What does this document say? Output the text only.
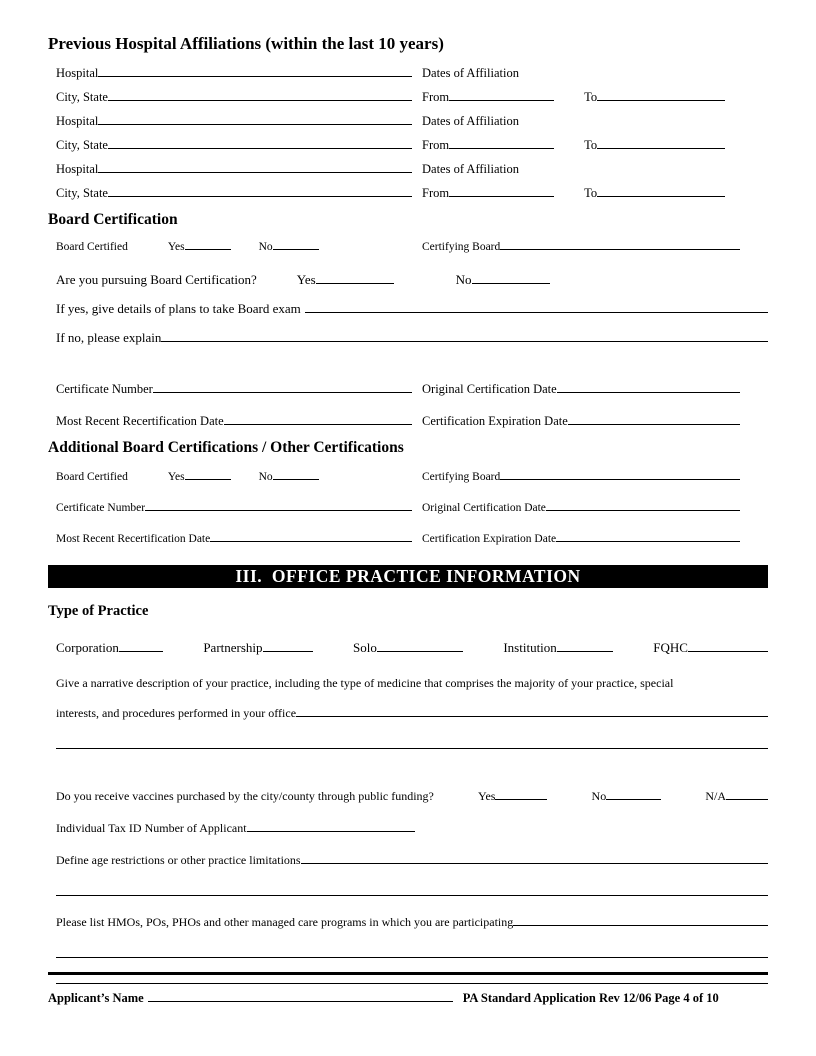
Previous Hospital Affiliations (within the last 10 years)
Hospital	Dates of Affiliation
City, State	From	To
Hospital	Dates of Affiliation
City, State	From	To
Hospital	Dates of Affiliation
City, State	From	To
Board Certification
Board Certified	Yes	No	Certifying Board
Are you pursuing Board Certification?	Yes	No
If yes, give details of plans to take Board exam
If no, please explain
Certificate Number	Original Certification Date
Most Recent Recertification Date	Certification Expiration Date
Additional Board Certifications / Other Certifications
Board Certified	Yes	No	Certifying Board
Certificate Number	Original Certification Date
Most Recent Recertification Date	Certification Expiration Date
III.  OFFICE PRACTICE INFORMATION
Type of Practice
Corporation	Partnership	Solo	Institution	FQHC
Give a narrative description of your practice, including the type of medicine that comprises the majority of your practice, special
interests, and procedures performed in your office
Do you receive vaccines purchased by the city/county through public funding?	Yes	No	N/A
Individual Tax ID Number of Applicant
Define age restrictions or other practice limitations
Please list HMOs, POs, PHOs and other managed care programs in which you are participating
Applicant’s Name	PA Standard Application Rev 12/06 Page 4 of 10
